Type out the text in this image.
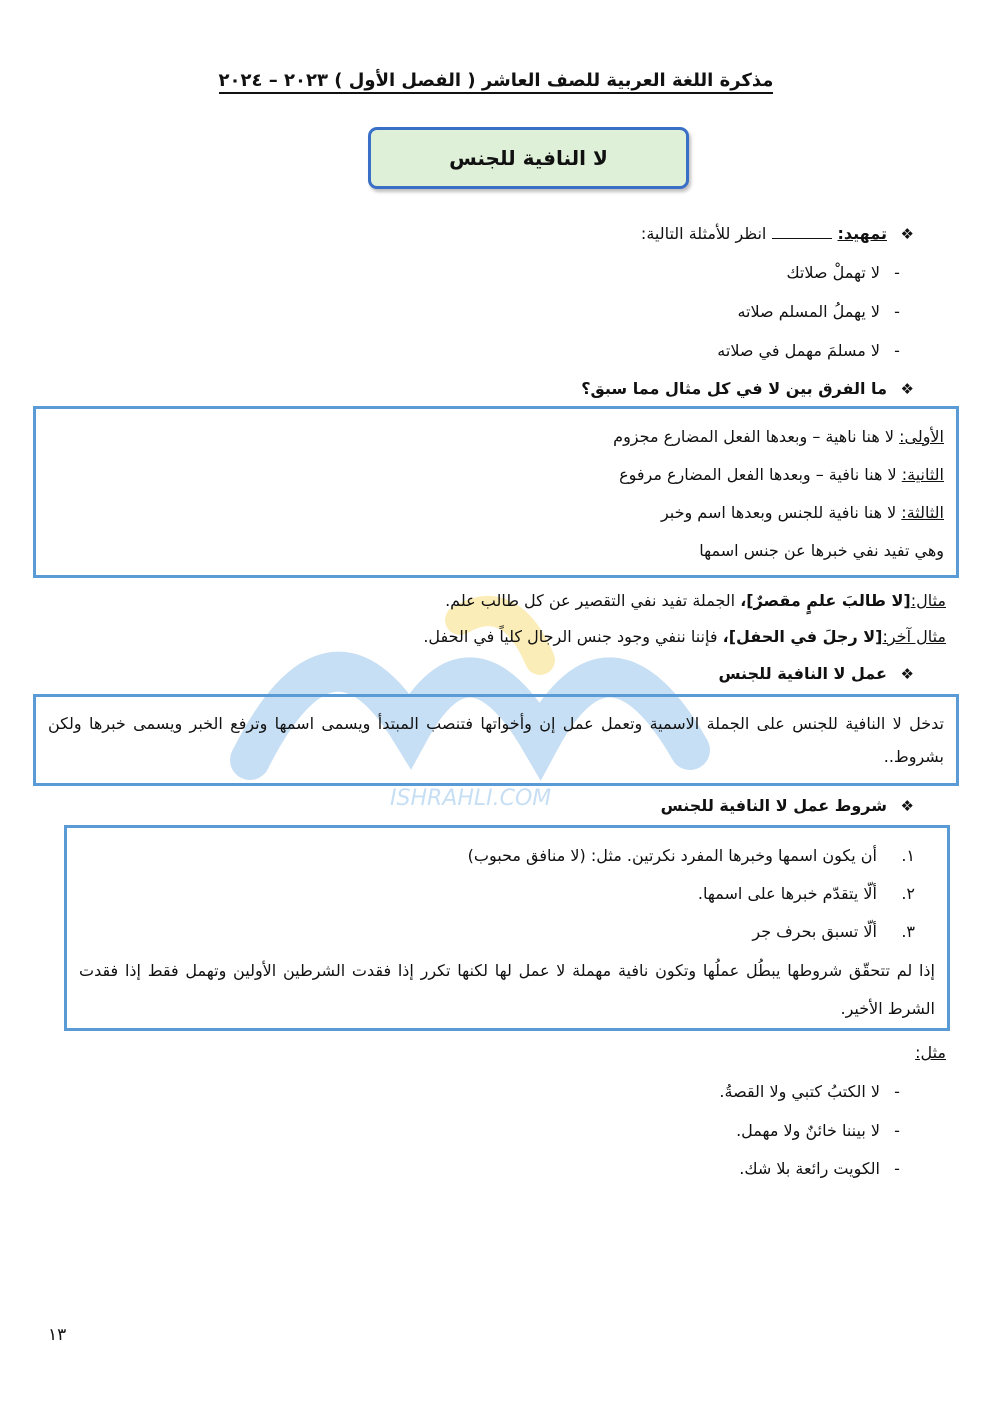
مذكرة اللغة العربية للصف العاشر ( الفصل الأول ) ٢٠٢٣ – ٢٠٢٤
لا النافية للجنس
❖ تمهيد:  انظر للأمثلة التالية:
-لا تهملْ صلاتك
-لا يهملُ المسلم صلاته
-لا مسلمَ مهمل في صلاته
❖ ما الفرق بين لا في كل مثال مما سبق؟
الأولى: لا هنا ناهية – وبعدها الفعل المضارع مجزوم
الثانية: لا هنا نافية – وبعدها الفعل المضارع مرفوع
الثالثة: لا هنا نافية للجنس وبعدها اسم وخبر
وهي تفيد نفي خبرها عن جنس اسمها
ISHRAHLI.COM
مثال:[لا طالبَ علمٍ مقصرٌ]، الجملة تفيد نفي التقصير عن كل طالب علم.
مثال آخر:[لا رجلَ في الحفل]، فإننا ننفي وجود جنس الرجال كلياً في الحفل.
❖ عمل لا النافية للجنس
تدخل لا النافية للجنس على الجملة الاسمية وتعمل عمل إن وأخواتها فتنصب المبتدأ ويسمى اسمها وترفع الخبر ويسمى خبرها ولكن بشروط..
❖ شروط عمل لا النافية للجنس
١.أن يكون اسمها وخبرها المفرد نكرتين. مثل: (لا منافق محبوب)
٢.ألّا يتقدّم خبرها على اسمها.
٣.ألّا تسبق بحرف جر
إذا لم تتحقّق شروطها يبطُل عملُها وتكون نافية مهملة لا عمل لها لكنها تكرر إذا فقدت الشرطين الأولين وتهمل فقط إذا فقدت الشرط الأخير.
مثل:
-لا الكتبُ كتبي ولا القصةُ.
-لا بيننا خائنٌ ولا مهمل.
-الكويت رائعة بلا شك.
١٣
